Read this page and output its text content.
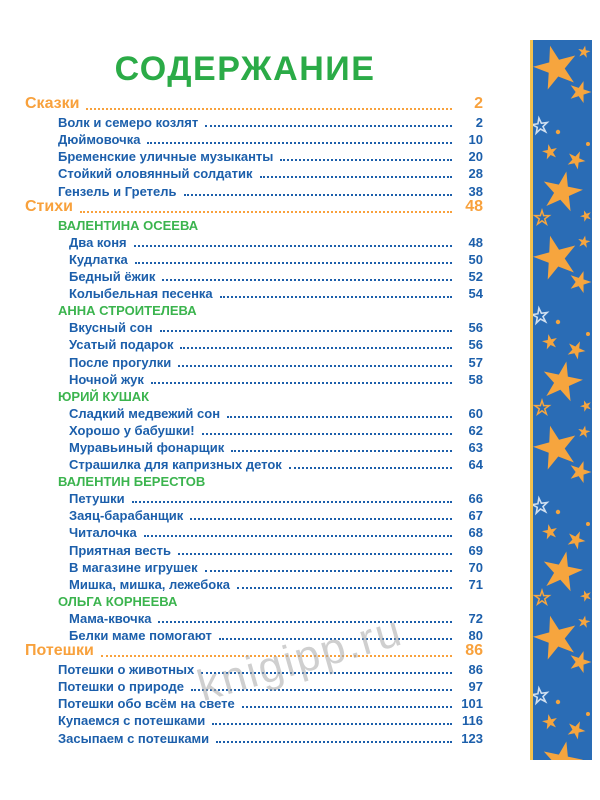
СОДЕРЖАНИЕ
Сказки	2
Волк и семеро козлят	2
Дюймовочка	10
Бременские уличные музыканты	20
Стойкий оловянный солдатик	28
Гензель и Гретель	38
Стихи	48
ВАЛЕНТИНА ОСЕЕВА
Два коня	48
Кудлатка	50
Бедный ёжик	52
Колыбельная песенка	54
АННА СТРОИТЕЛЕВА
Вкусный сон	56
Усатый подарок	56
После прогулки	57
Ночной жук	58
ЮРИЙ КУШАК
Сладкий медвежий сон	60
Хорошо у бабушки!	62
Муравьиный фонарщик	63
Страшилка для капризных деток	64
ВАЛЕНТИН БЕРЕСТОВ
Петушки	66
Заяц-барабанщик	67
Читалочка	68
Приятная весть	69
В магазине игрушек	70
Мишка, мишка, лежебока	71
ОЛЬГА КОРНЕЕВА
Мама-квочка	72
Белки маме помогают	80
Потешки	86
Потешки о животных	86
Потешки о природе	97
Потешки обо всём на свете	101
Купаемся с потешками	116
Засыпаем с потешками	123
knigipp.ru
